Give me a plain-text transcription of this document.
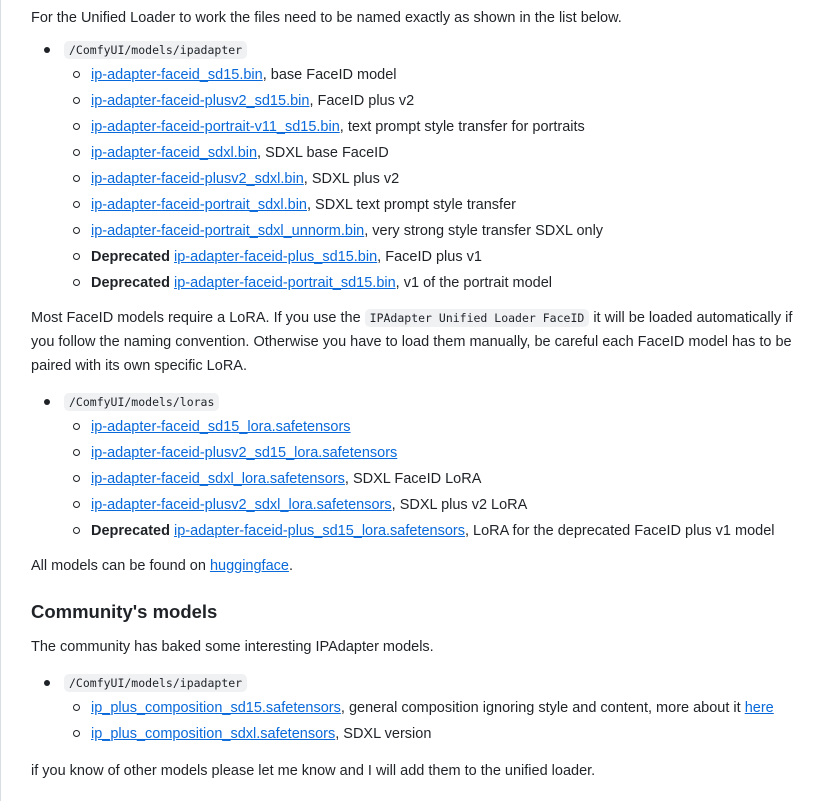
For the Unified Loader to work the files need to be named exactly as shown in the list below.

/ComfyUI/models/ipadapter
ip-adapter-faceid_sd15.bin, base FaceID model
ip-adapter-faceid-plusv2_sd15.bin, FaceID plus v2
ip-adapter-faceid-portrait-v11_sd15.bin, text prompt style transfer for portraits
ip-adapter-faceid_sdxl.bin, SDXL base FaceID
ip-adapter-faceid-plusv2_sdxl.bin, SDXL plus v2
ip-adapter-faceid-portrait_sdxl.bin, SDXL text prompt style transfer
ip-adapter-faceid-portrait_sdxl_unnorm.bin, very strong style transfer SDXL only
Deprecated ip-adapter-faceid-plus_sd15.bin, FaceID plus v1
Deprecated ip-adapter-faceid-portrait_sd15.bin, v1 of the portrait model

Most FaceID models require a LoRA. If you use the IPAdapter Unified Loader FaceID it will be loaded automatically if you follow the naming convention. Otherwise you have to load them manually, be careful each FaceID model has to be paired with its own specific LoRA.

/ComfyUI/models/loras
ip-adapter-faceid_sd15_lora.safetensors
ip-adapter-faceid-plusv2_sd15_lora.safetensors
ip-adapter-faceid_sdxl_lora.safetensors, SDXL FaceID LoRA
ip-adapter-faceid-plusv2_sdxl_lora.safetensors, SDXL plus v2 LoRA
Deprecated ip-adapter-faceid-plus_sd15_lora.safetensors, LoRA for the deprecated FaceID plus v1 model

All models can be found on huggingface.

Community's models

The community has baked some interesting IPAdapter models.

/ComfyUI/models/ipadapter
ip_plus_composition_sd15.safetensors, general composition ignoring style and content, more about it here
ip_plus_composition_sdxl.safetensors, SDXL version

if you know of other models please let me know and I will add them to the unified loader.
